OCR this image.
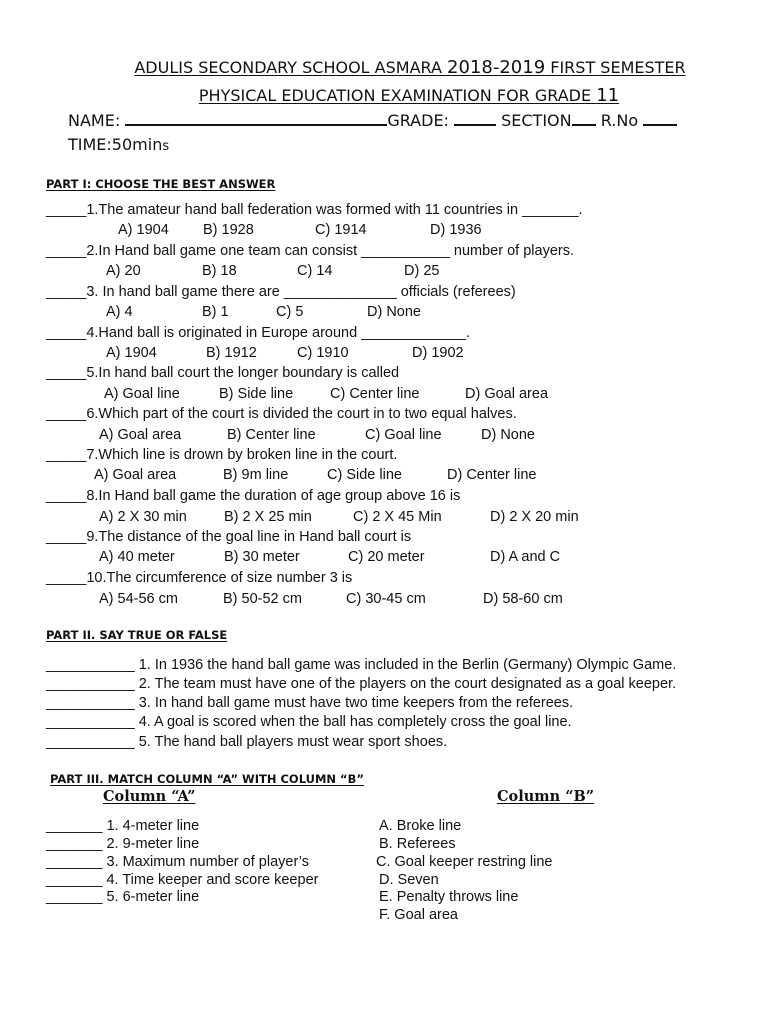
ADULIS SECONDARY SCHOOL ASMARA 2018-2019 FIRST SEMESTER
PHYSICAL EDUCATION EXAMINATION FOR GRADE 11
NAME:	GRADE:	SECTION R.No
TIME:50mins
PART I: CHOOSE THE BEST ANSWER
_____1.The amateur hand ball federation was formed with 11 countries in _______.
A) 1904 B) 1928	C) 1914	D) 1936
_____2.In Hand ball game one team can consist ___________ number of players.
A) 20	B) 18	C) 14	D) 25
_____3. In hand ball game there are ______________ officials (referees)
A) 4	B) 1	C) 5	D) None
_____4.Hand ball is originated in Europe around _____________.
A) 1904	B) 1912	C) 1910	D) 1902
_____5.In hand ball court the longer boundary is called
A) Goal line	B) Side line	C) Center line	D) Goal area
_____6.Which part of the court is divided the court in to two equal halves.
A) Goal area	B) Center line	C) Goal line	D) None
_____7.Which line is drown by broken line in the court.
A) Goal area	B) 9m line	C) Side line	D) Center line
_____8.In Hand ball game the duration of age group above 16 is
A) 2 X 30 min	B) 2 X 25 min	C) 2 X 45 Min	D) 2 X 20 min
_____9.The distance of the goal line in Hand ball court is
A) 40 meter	B) 30 meter	C) 20 meter	D) A and C
_____10.The circumference of size number 3 is
A) 54-56 cm	B) 50-52 cm	C) 30-45 cm	D) 58-60 cm
PART II. SAY TRUE OR FALSE
___________ 1. In 1936 the hand ball game was included in the Berlin (Germany) Olympic Game.
___________ 2. The team must have one of the players on the court designated as a goal keeper.
___________ 3. In hand ball game must have two time keepers from the referees.
___________ 4. A goal is scored when the ball has completely cross the goal line.
___________ 5. The hand ball players must wear sport shoes.
PART III. MATCH COLUMN “A” WITH COLUMN “B”
Column “A”	Column “B”
_______ 1. 4-meter line
_______ 2. 9-meter line
_______ 3. Maximum number of player’s
_______ 4. Time keeper and score keeper
_______ 5. 6-meter line
A. Broke line
B. Referees
C. Goal keeper restring line
D. Seven
E. Penalty throws line
F. Goal area
